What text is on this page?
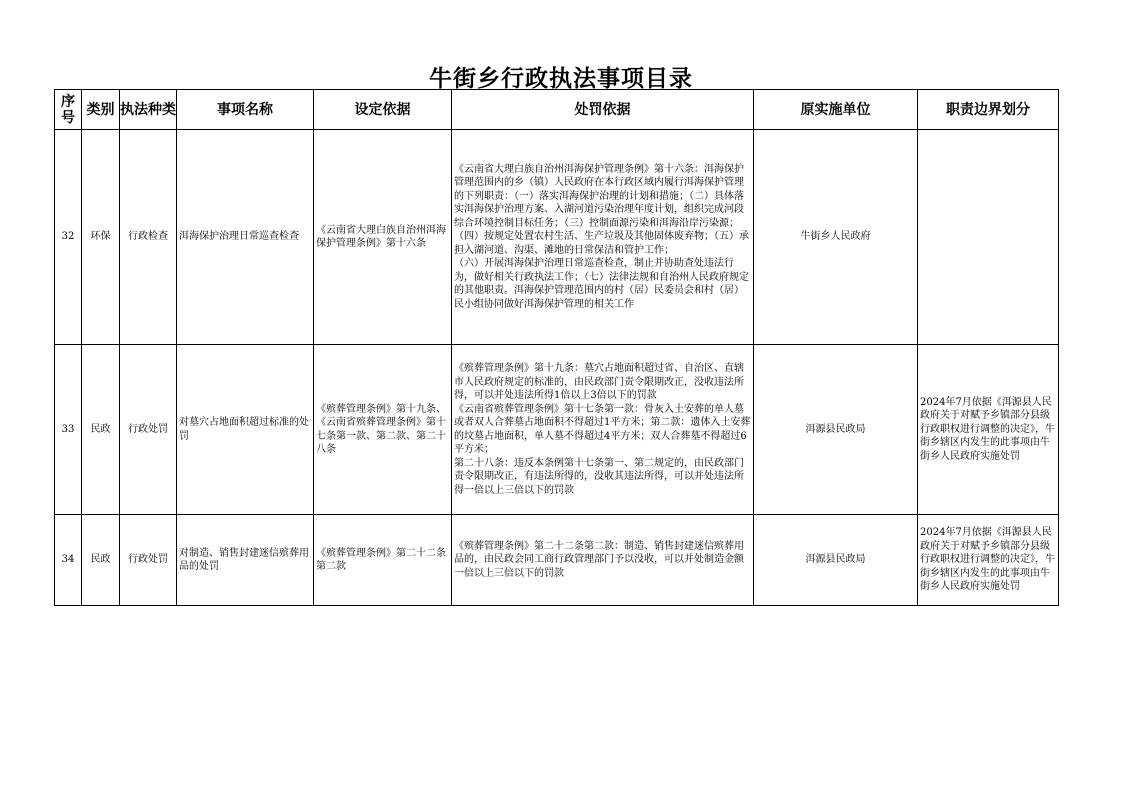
牛街乡行政执法事项目录
序号	类别	执法种类	事项名称	设定依据	处罚依据	原实施单位	职责边界划分
32	环保	行政检查	洱海保护治理日常巡查检查	《云南省大理白族自治州洱海保护管理条例》第十六条	《云南省大理白族自治州洱海保护管理条例》第十六条：洱海保护管理范围内的乡（镇）人民政府在本行政区域内履行洱海保护管理的下列职责：（一）落实洱海保护治理的计划和措施；（二）具体落实洱海保护治理方案、入湖河道污染治理年度计划，组织完成河段综合环境控制目标任务；（三）控制面源污染和洱海沿岸污染源；（四）按规定处置农村生活、生产垃圾及其他固体废弃物；（五）承担入湖河道、沟渠、滩地的日常保洁和管护工作；
（六）开展洱海保护治理日常巡查检查，制止并协助查处违法行为，做好相关行政执法工作；（七）法律法规和自治州人民政府规定的其他职责。洱海保护管理范围内的村（居）民委员会和村（居）民小组协同做好洱海保护管理的相关工作	牛街乡人民政府	
33	民政	行政处罚	对墓穴占地面积超过标准的处罚	《殡葬管理条例》第十九条、《云南省殡葬管理条例》第十七条第一款、第二款、第二十八条	《殡葬管理条例》第十九条：墓穴占地面积超过省、自治区、直辖市人民政府规定的标准的，由民政部门责令限期改正，没收违法所得，可以并处违法所得1倍以上3倍以下的罚款
《云南省殡葬管理条例》第十七条第一款：骨灰入土安葬的单人墓或者双人合葬墓占地面积不得超过1平方米；第二款：遗体入土安葬的坟墓占地面积，单人墓不得超过4平方米；双人合葬墓不得超过6平方米；
第二十八条：违反本条例第十七条第一、第二规定的，由民政部门责令限期改正，有违法所得的，没收其违法所得，可以并处违法所得一倍以上三倍以下的罚款	洱源县民政局	2024年7月依据《洱源县人民政府关于对赋予乡镇部分县级行政职权进行调整的决定》，牛街乡辖区内发生的此事项由牛街乡人民政府实施处罚
34	民政	行政处罚	对制造、销售封建迷信殡葬用品的处罚	《殡葬管理条例》第二十二条第二款	《殡葬管理条例》第二十二条第二款：制造、销售封建迷信殡葬用品的，由民政会同工商行政管理部门予以没收，可以并处制造金额一倍以上三倍以下的罚款	洱源县民政局	2024年7月依据《洱源县人民政府关于对赋予乡镇部分县级行政职权进行调整的决定》，牛街乡辖区内发生的此事项由牛街乡人民政府实施处罚
